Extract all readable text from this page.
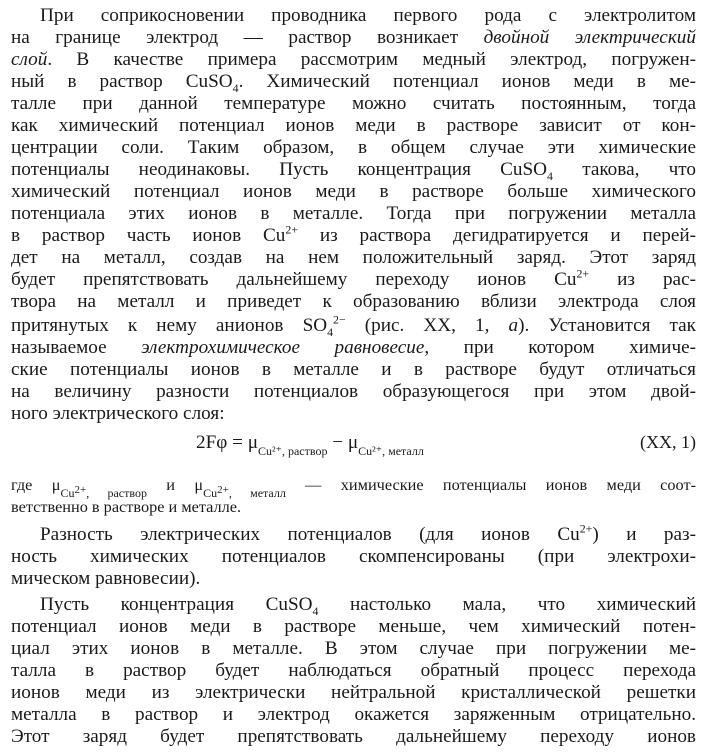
При соприкосновении проводника первого рода с электролитом
на границе электрод — раствор возникает двойной электрический
слой. В качестве примера рассмотрим медный электрод, погружен-
ный в раствор CuSO$_4$. Химический потенциал ионов меди в ме-
талле при данной температуре можно считать постоянным, тогда
как химический потенциал ионов меди в растворе зависит от кон-
центрации соли. Таким образом, в общем случае эти химические
потенциалы неодинаковы. Пусть концентрация CuSO$_4$ такова, что
химический потенциал ионов меди в растворе больше химического
потенциала этих ионов в металле. Тогда при погружении металла
в раствор часть ионов $Cu^{2+}$ из раствора дегидратируется и перей-
дет на металл, создав на нем положительный заряд. Этот заряд
будет препятствовать дальнейшему переходу ионов $Cu^{2+}$ из рас-
твора на металл и приведет к образованию вблизи электрода слоя
притянутых к нему анионов $SO_4^{2-}$ (рис. XX, 1, а). Установится так
называемое электрохимическое равновесие, при котором химиче-
ские потенциалы ионов в металле и в растворе будут отличаться
на величину разности потенциалов образующегося при этом двой-
ного электрического слоя:
$2F\varphi = \mu_{Cu^{2+}, раствор} - \mu_{Cu^{2+}, металл}$	(XX, 1)
где $\mu_{Cu2+, раствор}$ и $\mu_{Cu2+, металл}$ — химические потенциалы ионов меди соот-
ветственно в растворе и металле.
Разность электрических потенциалов (для ионов $Cu^{2+}$) и раз-
ность химических потенциалов скомпенсированы (при электрохи-
мическом равновесии).
Пусть концентрация CuSO$_4$ настолько мала, что химический
потенциал ионов меди в растворе меньше, чем химический потен-
циал этих ионов в металле. В этом случае при погружении ме-
талла в раствор будет наблюдаться обратный процесс перехода
ионов меди из электрически нейтральной кристаллической решетки
металла в раствор и электрод окажется заряженным отрицательно.
Этот заряд будет препятствовать дальнейшему переходу ионов
